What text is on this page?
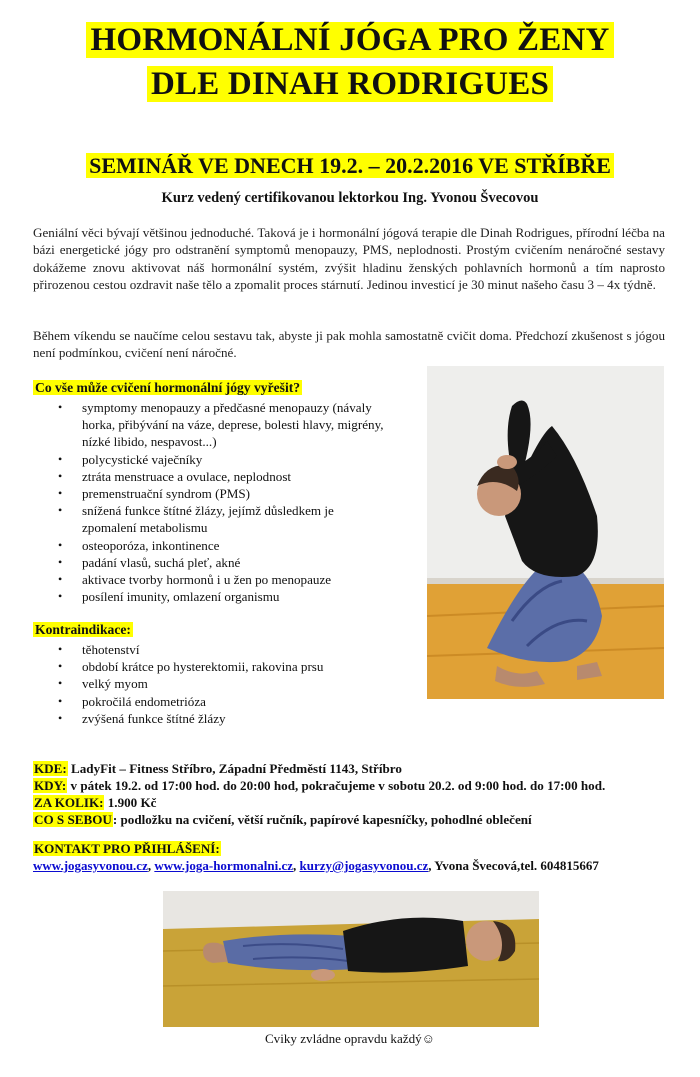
HORMONÁLNÍ JÓGA PRO ŽENY
DLE DINAH RODRIGUES
SEMINÁŘ VE DNECH 19.2. – 20.2.2016 VE STŘÍBŘE
Kurz vedený certifikovanou lektorkou Ing. Yvonou Švecovou
Geniální věci bývají většinou jednoduché. Taková je i hormonální jógová terapie dle Dinah Rodrigues, přírodní léčba na bázi energetické jógy pro odstranění symptomů menopauzy, PMS, neplodnosti. Prostým cvičením nenáročné sestavy dokážeme znovu aktivovat náš hormonální systém, zvýšit hladinu ženských pohlavních hormonů a tím naprosto přirozenou cestou ozdravit naše tělo a zpomalit proces stárnutí. Jedinou investicí je 30 minut našeho času 3 – 4x týdně.
Během víkendu se naučíme celou sestavu tak, abyste ji pak mohla samostatně cvičit doma. Předchozí zkušenost s jógou není podmínkou, cvičení není náročné.
Co vše může cvičení hormonální jógy vyřešit?
• symptomy menopauzy a předčasné menopauzy (návaly horka, přibývání na váze, deprese, bolesti hlavy, migrény, nízké libido, nespavost...)
• polycystické vaječníky
• ztráta menstruace a ovulace, neplodnost
• premenstruační syndrom (PMS)
• snížená funkce štítné žlázy, jejímž důsledkem je zpomalení metabolismu
• osteoporóza, inkontinence
• padání vlasů, suchá pleť, akné
• aktivace tvorby hormonů i u žen po menopauze
• posílení imunity, omlazení organismu
Kontraindikace:
• těhotenství
• období krátce po hysterektomii, rakovina prsu
• velký myom
• pokročilá endometrióza
• zvýšená funkce štítné žlázy
KDE: LadyFit – Fitness Stříbro, Západní Předměstí 1143, Stříbro
KDY: v pátek 19.2. od 17:00 hod. do 20:00 hod, pokračujeme v sobotu 20.2. od 9:00 hod. do 17:00 hod.
ZA KOLIK: 1.900 Kč
CO S SEBOU: podložku na cvičení, větší ručník, papírové kapesníčky, pohodlné oblečení
KONTAKT PRO PŘIHLÁŠENÍ:
www.jogasyvonou.cz, www.joga-hormonalni.cz, kurzy@jogasyvonou.cz, Yvona Švecová,tel. 604815667
Cviky zvládne opravdu každý☺
